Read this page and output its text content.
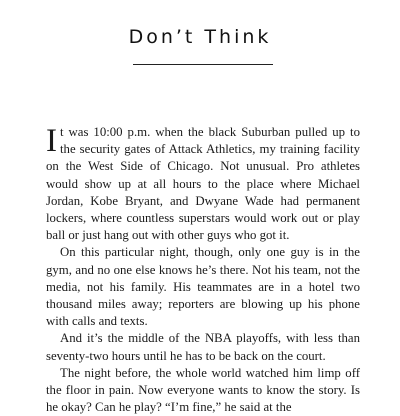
Don’t Think

It was 10:00 p.m. when the black Suburban pulled up to the security gates of Attack Athletics, my training facility on the West Side of Chicago. Not unusual. Pro athletes would show up at all hours to the place where Michael Jordan, Kobe Bryant, and Dwyane Wade had permanent lockers, where countless superstars would work out or play ball or just hang out with other guys who got it.

On this particular night, though, only one guy is in the gym, and no one else knows he’s there. Not his team, not the media, not his family. His teammates are in a hotel two thousand miles away; reporters are blowing up his phone with calls and texts.

And it’s the middle of the NBA playoffs, with less than seventy-two hours until he has to be back on the court.

The night before, the whole world watched him limp off the floor in pain. Now everyone wants to know the story. Is he okay? Can he play? “I’m fine,” he said at the
